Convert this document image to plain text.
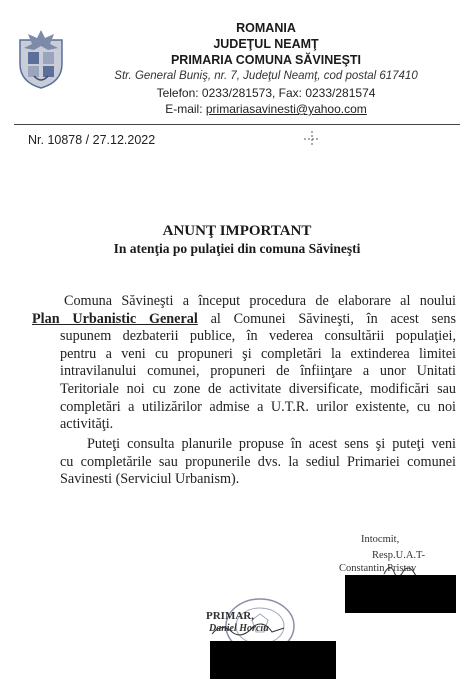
ROMANIA
JUDEŢUL NEAMŢ
PRIMARIA COMUNA SĂVINEŞTI
Str. General Buniş, nr. 7, Judeţul Neamţ, cod postal 617410
Telefon: 0233/281573, Fax: 0233/281574
E-mail: primariasavinesti@yahoo.com
Nr. 10878 / 27.12.2022
ANUNŢ IMPORTANT
In atenţia po pulaţiei din comuna Săvineşti
Comuna Săvineşti a început procedura de elaborare al noului
Plan Urbanistic General al Comunei Săvineşti, în acest sens
supunem dezbaterii publice, în vederea consultării populaţiei,
pentru a veni cu propuneri şi completări la extinderea limitei
intravilanului comunei, propuneri de înfiinţare a unor Unitati
Teritoriale noi cu zone de activitate diversificate, modificări sau
completări a utilizărilor admise a U.T.R. urilor existente, cu noi
activităţi.
Puteţi consulta planurile propuse în acest sens şi puteţi veni
cu completările sau propunerile dvs. la sediul Primariei comunei
Savinesti (Serviciul Urbanism).
Intocmit,
Resp.U.A.T-
Constantin Pristav
PRIMAR,
Daniel Horciu
